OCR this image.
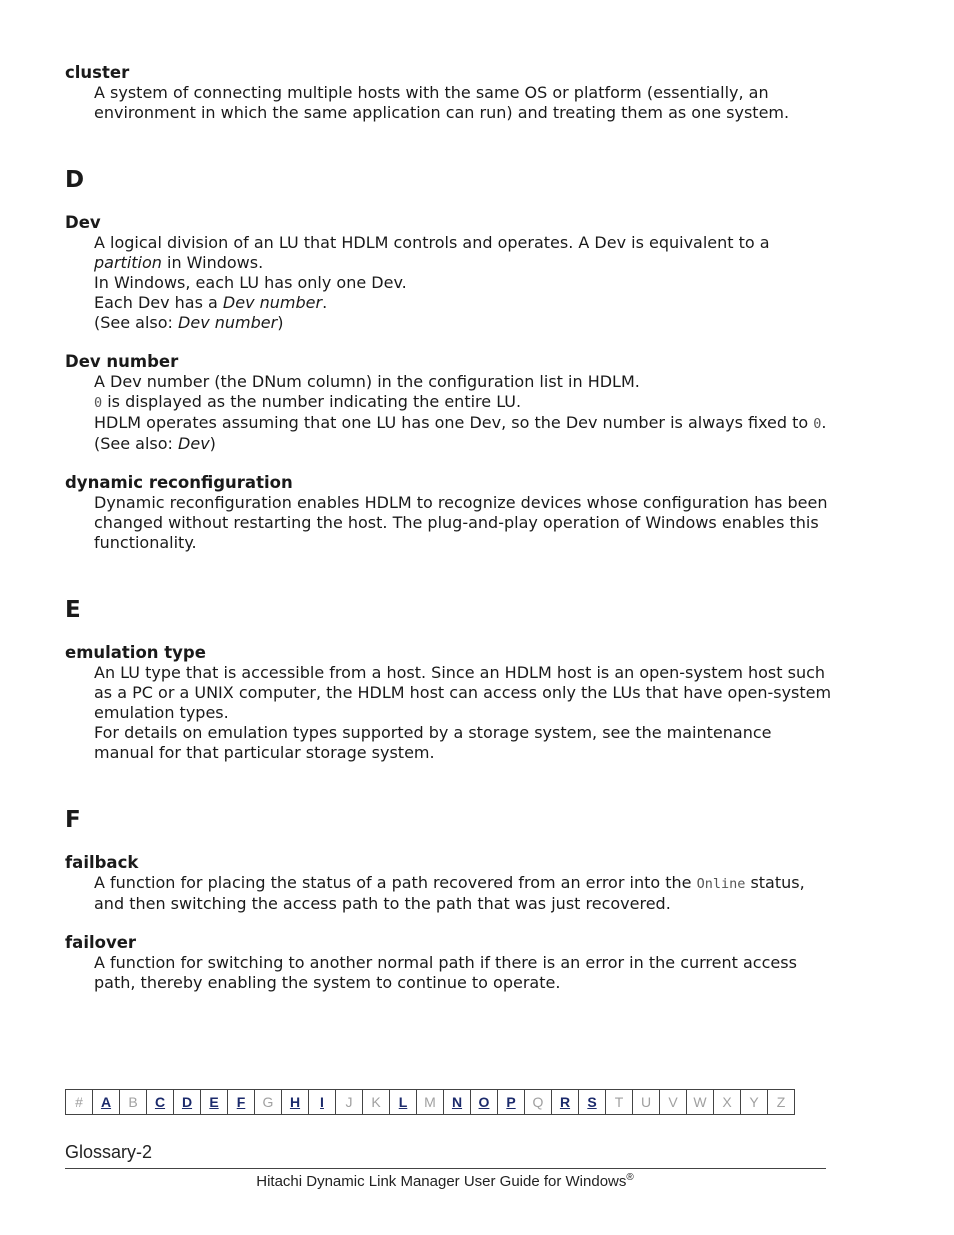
cluster

A system of connecting multiple hosts with the same OS or platform (essentially, an environment in which the same application can run) and treating them as one system.

D

Dev

A logical division of an LU that HDLM controls and operates. A Dev is equivalent to a partition in Windows.

In Windows, each LU has only one Dev.

Each Dev has a Dev number.

(See also: Dev number)

Dev number

A Dev number (the DNum column) in the configuration list in HDLM.

0 is displayed as the number indicating the entire LU.

HDLM operates assuming that one LU has one Dev, so the Dev number is always fixed to 0.

(See also: Dev)

dynamic reconfiguration

Dynamic reconfiguration enables HDLM to recognize devices whose configuration has been changed without restarting the host. The plug-and-play operation of Windows enables this functionality.

E

emulation type

An LU type that is accessible from a host. Since an HDLM host is an open-system host such as a PC or a UNIX computer, the HDLM host can access only the LUs that have open-system emulation types.

For details on emulation types supported by a storage system, see the maintenance manual for that particular storage system.

F

failback

A function for placing the status of a path recovered from an error into the Online status, and then switching the access path to the path that was just recovered.

failover

A function for switching to another normal path if there is an error in the current access path, thereby enabling the system to continue to operate.

#	A	B	C	D	E	F	G	H	I	J	K	L	M	N	O	P	Q	R	S	T	U	V	W	X	Y	Z
Glossary-2
Hitachi Dynamic Link Manager User Guide for Windows®
